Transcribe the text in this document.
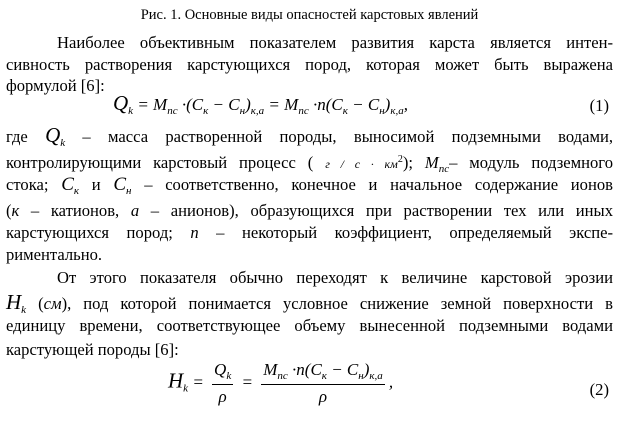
Рис. 1. Основные виды опасностей карстовых явлений
Наиболее объективным показателем развития карста является интен-
сивность растворения карстующихся пород, которая может быть выражена
формулой [6]:
$Q_k = M_{пс} \cdot(C_к - C_н)_{к,а} = M_{пс} \cdot n(C_к - C_н)_{к,а}$,	(1)
где $Q_k$ – масса растворенной породы, выносимой подземными водами,
контролирующими карстовый процесс ( $г / с \cdot км^2$); $M_{пс}-$ модуль подземного
стока; $C_к$ и $C_н$ – соответственно, конечное и начальное содержание ионов
(к – катионов, а – анионов), образующихся при растворении тех или иных
карстующихся пород; n – некоторый коэффициент, определяемый экспе-
риментально.
От этого показателя обычно переходят к величине карстовой эрозии
$H_k$ (см), под которой понимается условное снижение земной поверхности в
единицу времени, соответствующее объему вынесенной подземными водами
карстующей породы [6]:
$H_k = \frac{Q_k}{\rho} = \frac{M_{пс} \cdot n(C_к - C_н)_{к,а}}{\rho}$ ,	(2)
